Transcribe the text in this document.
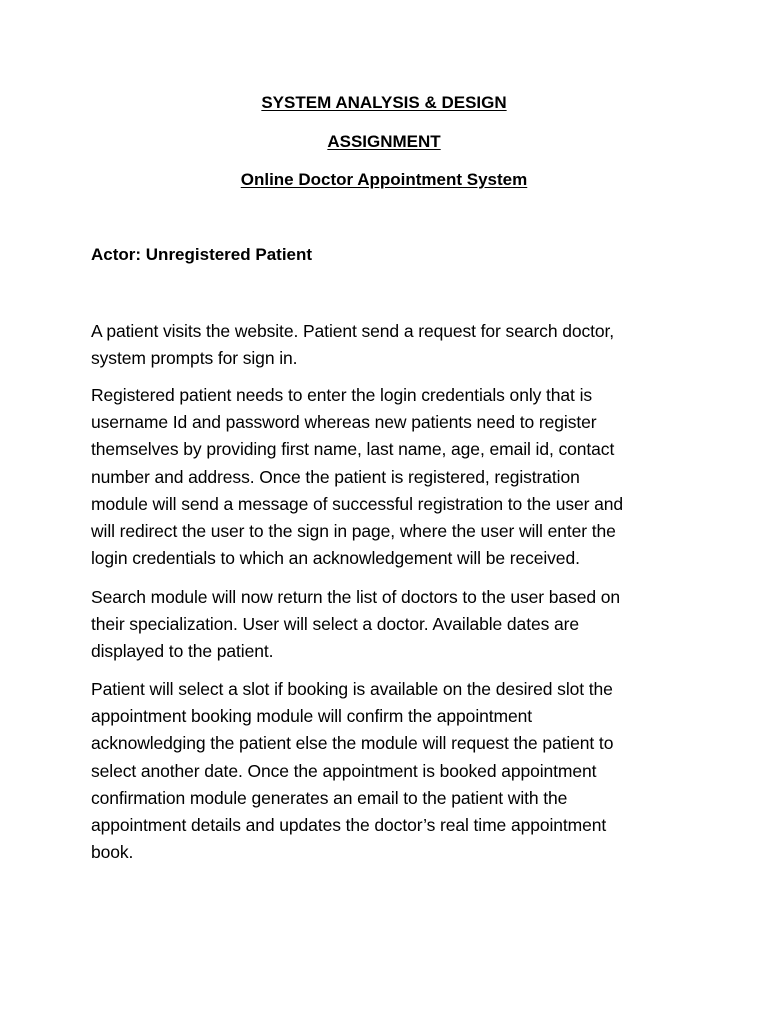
SYSTEM ANALYSIS & DESIGN
ASSIGNMENT
Online Doctor Appointment System
Actor: Unregistered Patient
A patient visits the website. Patient send a request for search doctor,
system prompts for sign in.
Registered patient needs to enter the login credentials only that is
username Id and password whereas new patients need to register
themselves by providing first name, last name, age, email id, contact
number and address. Once the patient is registered, registration
module will send a message of successful registration to the user and
will redirect the user to the sign in page, where the user will enter the
login credentials to which an acknowledgement will be received.
Search module will now return the list of doctors to the user based on
their specialization. User will select a doctor. Available dates are
displayed to the patient.
Patient will select a slot if booking is available on the desired slot the
appointment booking module will confirm the appointment
acknowledging the patient else the module will request the patient to
select another date. Once the appointment is booked appointment
confirmation module generates an email to the patient with the
appointment details and updates the doctor’s real time appointment
book.
